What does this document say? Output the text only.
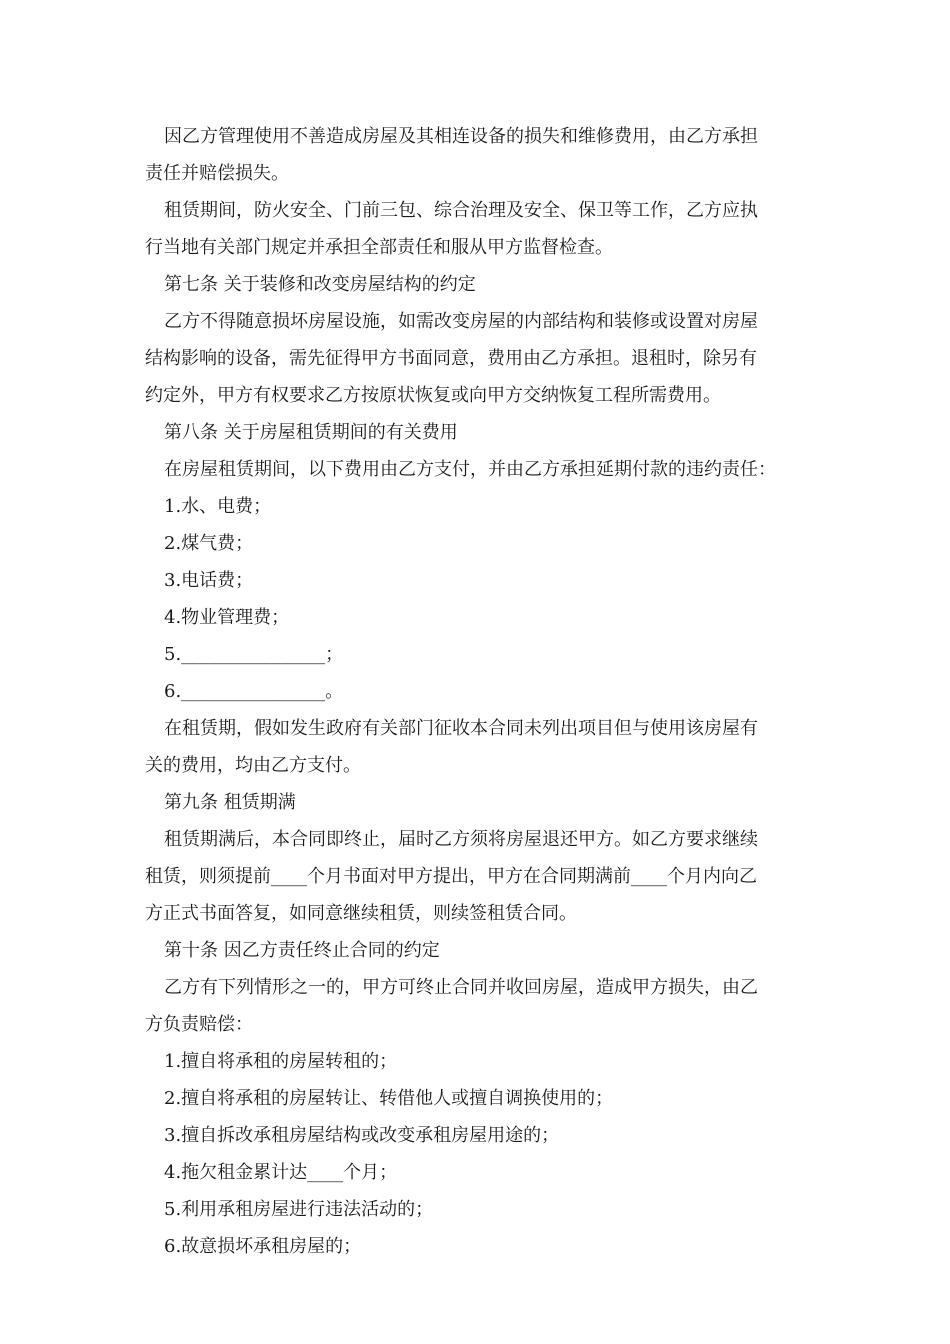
因乙方管理使用不善造成房屋及其相连设备的损失和维修费用，由乙方承担
责任并赔偿损失。
租赁期间，防火安全、门前三包、综合治理及安全、保卫等工作，乙方应执
行当地有关部门规定并承担全部责任和服从甲方监督检查。
第七条 关于装修和改变房屋结构的约定
乙方不得随意损坏房屋设施，如需改变房屋的内部结构和装修或设置对房屋
结构影响的设备，需先征得甲方书面同意，费用由乙方承担。退租时，除另有
约定外，甲方有权要求乙方按原状恢复或向甲方交纳恢复工程所需费用。
第八条 关于房屋租赁期间的有关费用
在房屋租赁期间，以下费用由乙方支付，并由乙方承担延期付款的违约责任：
1.水、电费；
2.煤气费；
3.电话费；
4.物业管理费；
5.________________；
6.________________。
在租赁期，假如发生政府有关部门征收本合同未列出项目但与使用该房屋有
关的费用，均由乙方支付。
第九条 租赁期满
租赁期满后，本合同即终止，届时乙方须将房屋退还甲方。如乙方要求继续
租赁，则须提前____个月书面对甲方提出，甲方在合同期满前____个月内向乙
方正式书面答复，如同意继续租赁，则续签租赁合同。
第十条 因乙方责任终止合同的约定
乙方有下列情形之一的，甲方可终止合同并收回房屋，造成甲方损失，由乙
方负责赔偿：
1.擅自将承租的房屋转租的；
2.擅自将承租的房屋转让、转借他人或擅自调换使用的；
3.擅自拆改承租房屋结构或改变承租房屋用途的；
4.拖欠租金累计达____个月；
5.利用承租房屋进行违法活动的；
6.故意损坏承租房屋的；
